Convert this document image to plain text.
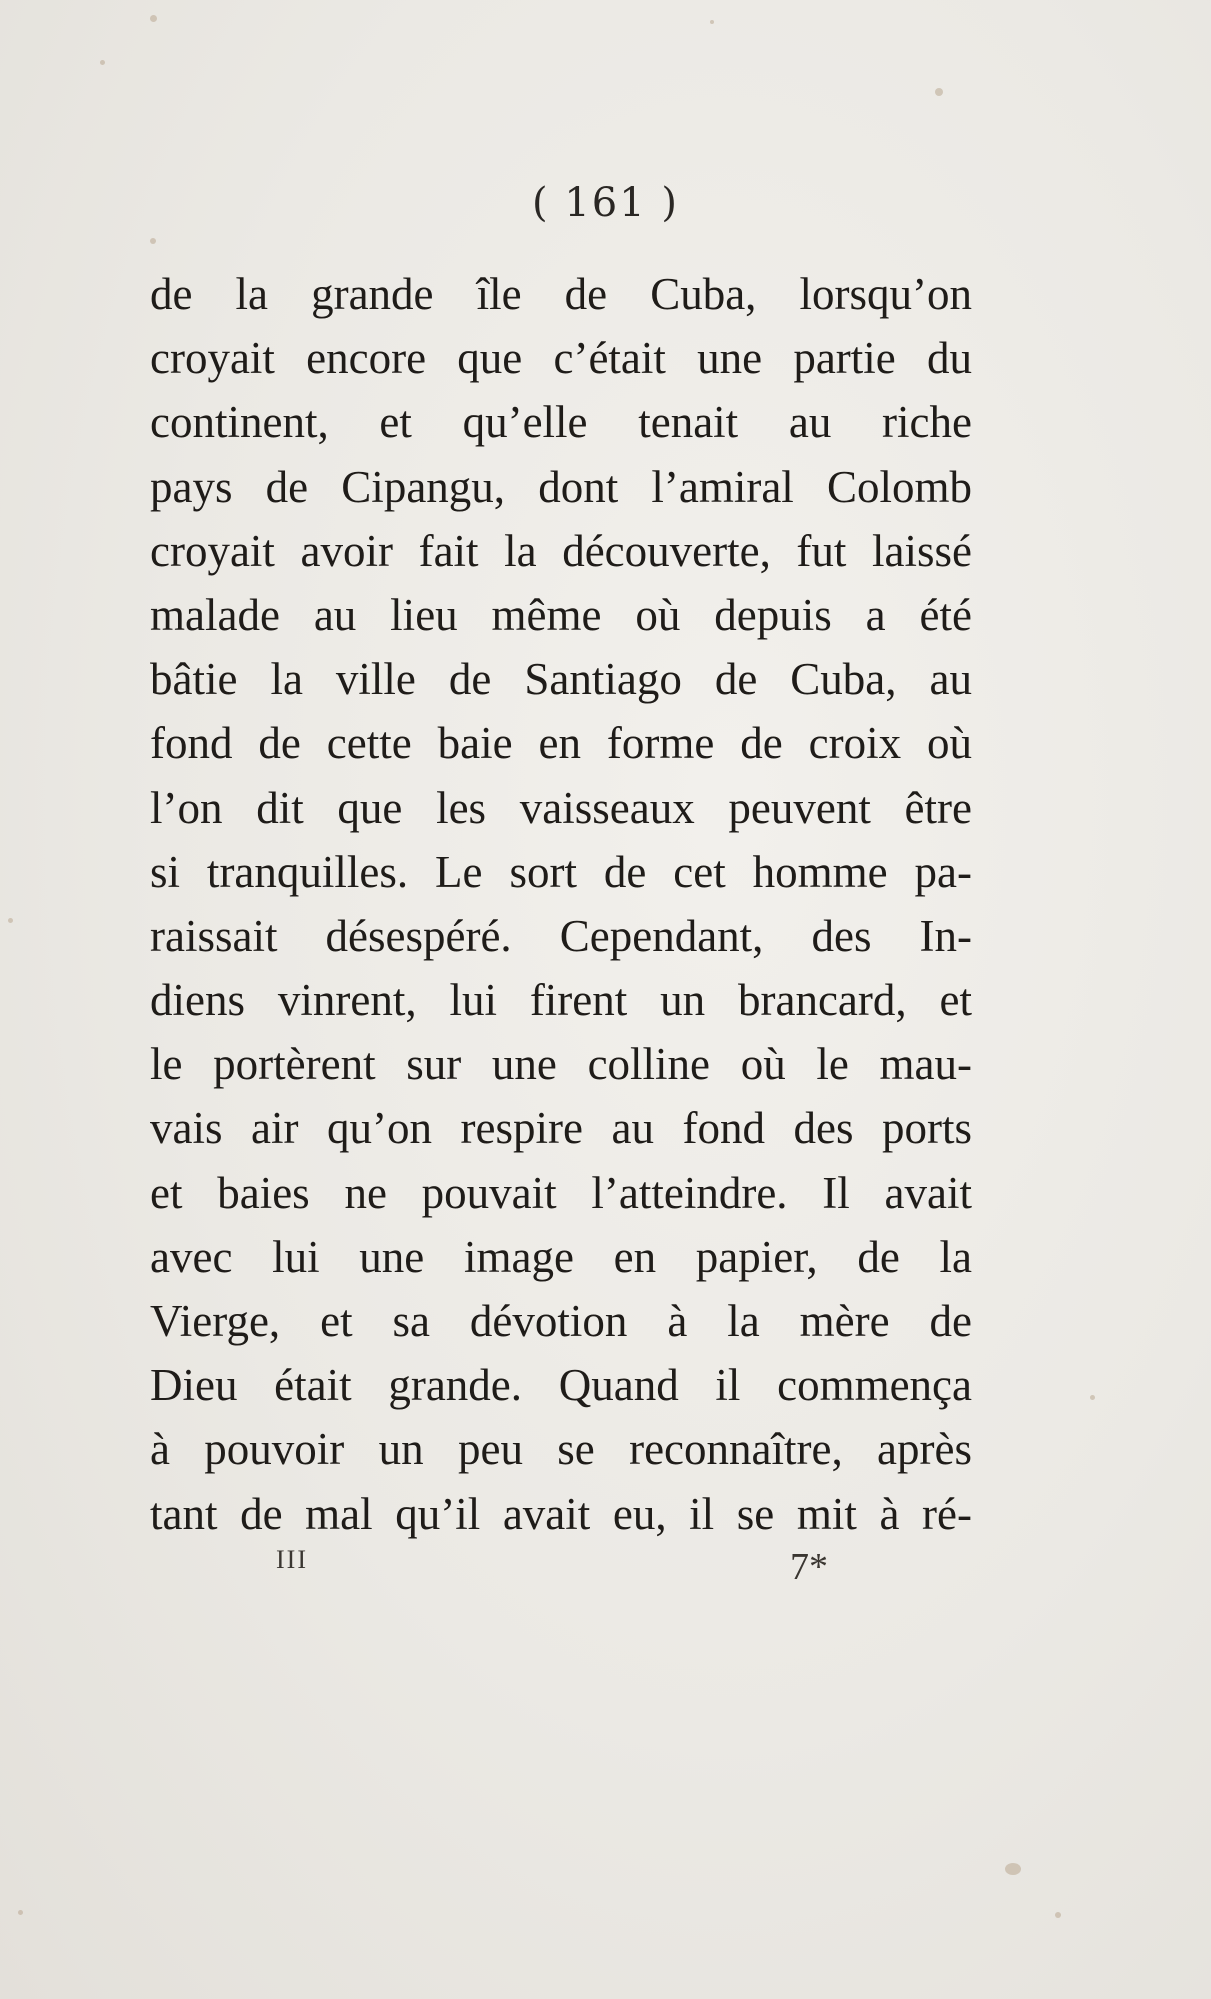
( 161 )
de la grande île de Cuba, lorsqu’on
croyait encore que c’était une partie du
continent, et qu’elle tenait au riche
pays de Cipangu, dont l’amiral Colomb
croyait avoir fait la découverte, fut laissé
malade au lieu même où depuis a été
bâtie la ville de Santiago de Cuba, au
fond de cette baie en forme de croix où
l’on dit que les vaisseaux peuvent être
si tranquilles. Le sort de cet homme pa-
raissait désespéré. Cependant, des In-
diens vinrent, lui firent un brancard, et
le portèrent sur une colline où le mau-
vais air qu’on respire au fond des ports
et baies ne pouvait l’atteindre. Il avait
avec lui une image en papier, de la
Vierge, et sa dévotion à la mère de
Dieu était grande. Quand il commença
à pouvoir un peu se reconnaître, après
tant de mal qu’il avait eu, il se mit à ré-
III	7*
